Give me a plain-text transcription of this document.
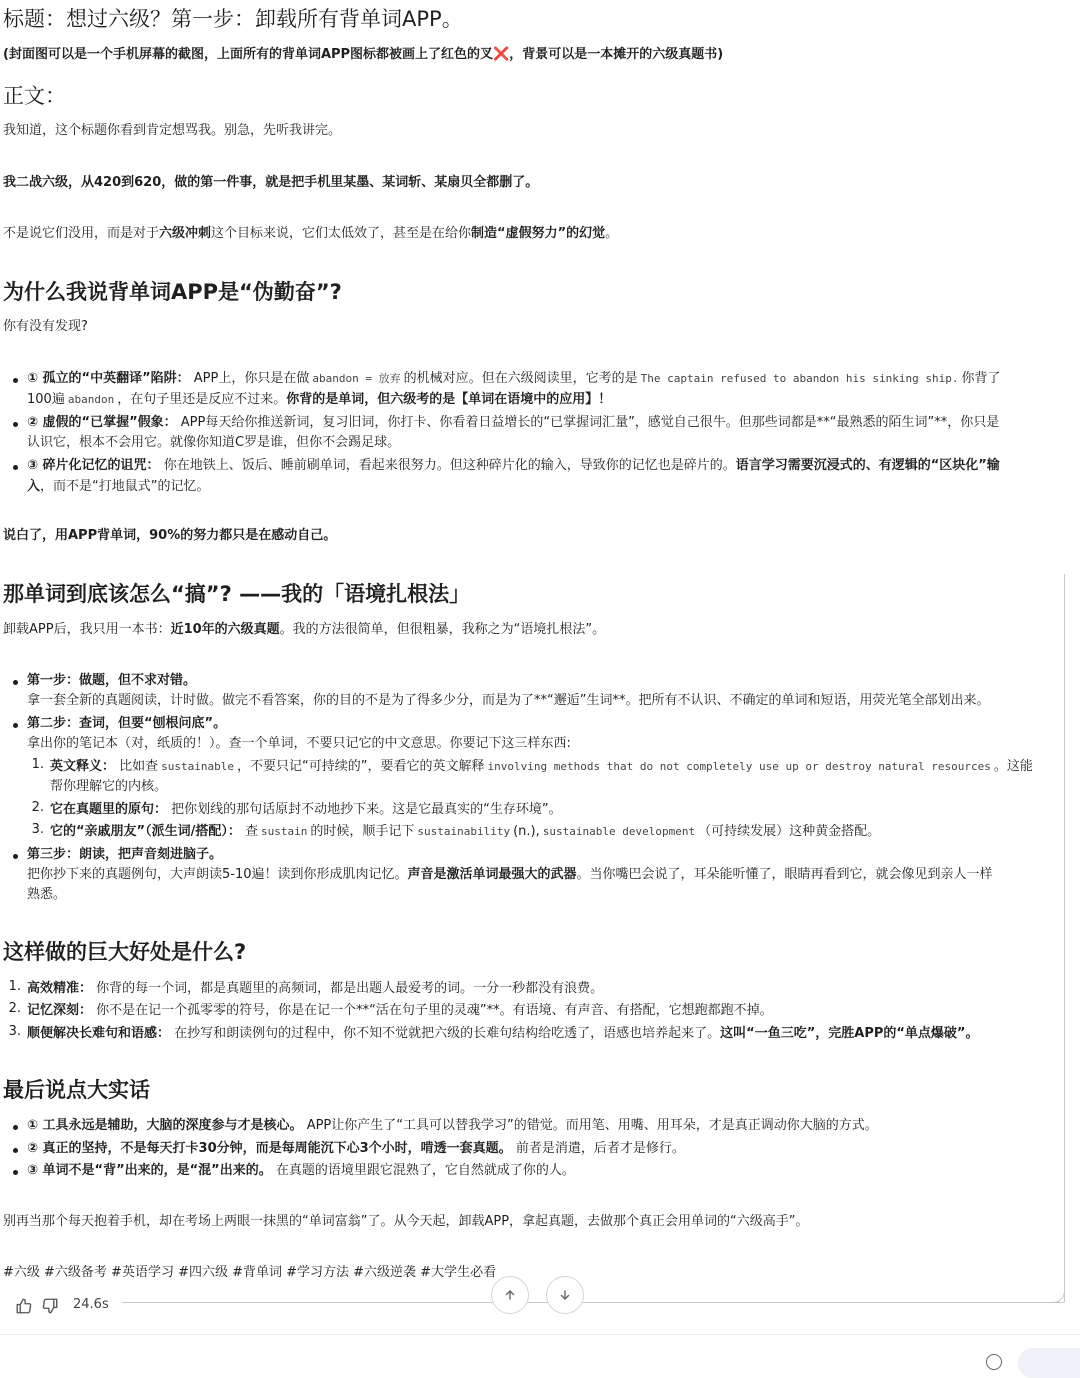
标题：想过六级？第一步：卸载所有背单词APP。
(封面图可以是一个手机屏幕的截图，上面所有的背单词APP图标都被画上了红色的叉❌，背景可以是一本摊开的六级真题书)
正文：
我知道，这个标题你看到肯定想骂我。别急，先听我讲完。
我二战六级，从420到620，做的第一件事，就是把手机里某墨、某词斩、某扇贝全都删了。
不是说它们没用，而是对于六级冲刺这个目标来说，它们太低效了，甚至是在给你制造“虚假努力”的幻觉。
为什么我说背单词APP是“伪勤奋”?
你有没有发现?
① 孤立的“中英翻译”陷阱： APP上，你只是在做 abandon = 放弃 的机械对应。但在六级阅读里，它考的是 The captain refused to abandon his sinking ship. 你背了
100遍 abandon ，在句子里还是反应不过来。你背的是单词，但六级考的是【单词在语境中的应用】！
② 虚假的“已掌握”假象： APP每天给你推送新词，复习旧词，你打卡、你看着日益增长的“已掌握词汇量”，感觉自己很牛。但那些词都是**“最熟悉的陌生词”**，你只是
认识它，根本不会用它。就像你知道C罗是谁，但你不会踢足球。
③ 碎片化记忆的诅咒： 你在地铁上、饭后、睡前刷单词，看起来很努力。但这种碎片化的输入，导致你的记忆也是碎片的。语言学习需要沉浸式的、有逻辑的“区块化”输
入，而不是“打地鼠式”的记忆。
说白了，用APP背单词，90%的努力都只是在感动自己。
那单词到底该怎么“搞”? ——我的「语境扎根法」
卸载APP后，我只用一本书：近10年的六级真题。我的方法很简单，但很粗暴，我称之为“语境扎根法”。
第一步：做题，但不求对错。
拿一套全新的真题阅读，计时做。做完不看答案，你的目的不是为了得多少分，而是为了**“邂逅”生词**。把所有不认识、不确定的单词和短语，用荧光笔全部划出来。
第二步：查词，但要“刨根问底”。
拿出你的笔记本（对，纸质的！）。查一个单词，不要只记它的中文意思。你要记下这三样东西:
1. 英文释义： 比如查 sustainable ，不要只记“可持续的”，要看它的英文解释 involving methods that do not completely use up or destroy natural resources 。这能
帮你理解它的内核。
2. 它在真题里的原句： 把你划线的那句话原封不动地抄下来。这是它最真实的“生存环境”。
3. 它的“亲戚朋友”（派生词/搭配）： 查 sustain 的时候，顺手记下 sustainability (n.), sustainable development （可持续发展）这种黄金搭配。
第三步：朗读，把声音刻进脑子。
把你抄下来的真题例句，大声朗读5-10遍！读到你形成肌肉记忆。声音是激活单词最强大的武器。当你嘴巴会说了，耳朵能听懂了，眼睛再看到它，就会像见到亲人一样
熟悉。
这样做的巨大好处是什么?
1. 高效精准： 你背的每一个词，都是真题里的高频词，都是出题人最爱考的词。一分一秒都没有浪费。
2. 记忆深刻： 你不是在记一个孤零零的符号，你是在记一个**“活在句子里的灵魂”**。有语境、有声音、有搭配，它想跑都跑不掉。
3. 顺便解决长难句和语感： 在抄写和朗读例句的过程中，你不知不觉就把六级的长难句结构给吃透了，语感也培养起来了。这叫“一鱼三吃”，完胜APP的“单点爆破”。
最后说点大实话
① 工具永远是辅助，大脑的深度参与才是核心。 APP让你产生了“工具可以替我学习”的错觉。而用笔、用嘴、用耳朵，才是真正调动你大脑的方式。
② 真正的坚持，不是每天打卡30分钟，而是每周能沉下心3个小时，啃透一套真题。 前者是消遣，后者才是修行。
③ 单词不是“背”出来的，是“混”出来的。 在真题的语境里跟它混熟了，它自然就成了你的人。
别再当那个每天抱着手机，却在考场上两眼一抹黑的“单词富翁”了。从今天起，卸载APP，拿起真题，去做那个真正会用单词的“六级高手”。
#六级 #六级备考 #英语学习 #四六级 #背单词 #学习方法 #六级逆袭 #大学生必看
24.6s
